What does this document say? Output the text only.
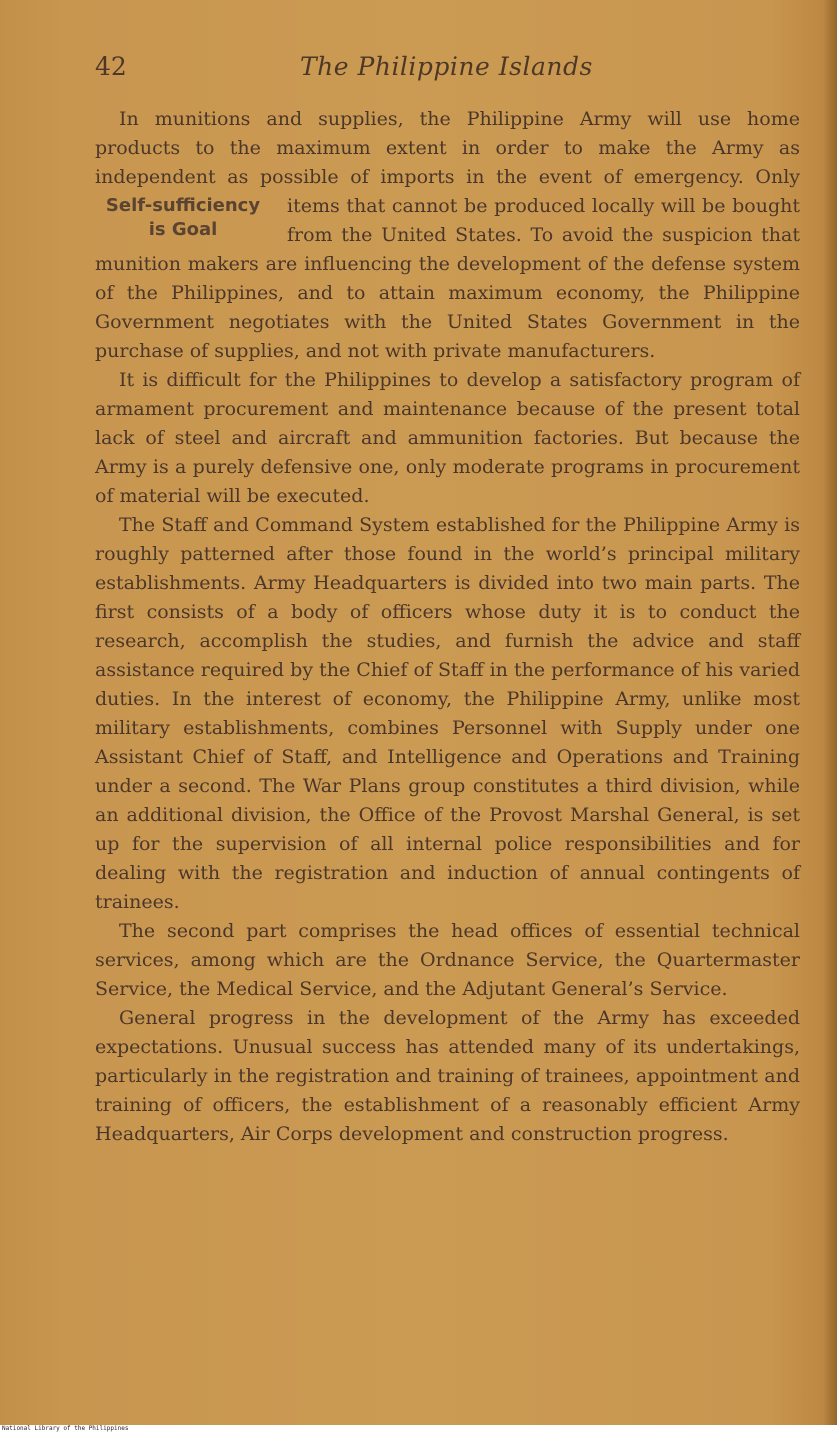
42	The Philippine Islands

In munitions and supplies, the Philippine Army will use home products to the maximum extent in order to make the Army as independent as possible of imports in the event of emergency.
Self-sufficiency
is Goal
Only items that cannot be produced locally will be bought from the United States. To avoid the suspicion that munition makers are influencing the development of the defense system of the Philippines, and to attain maximum economy, the Philippine Government negotiates with the United States Government in the purchase of supplies, and not with private manufacturers.

It is difficult for the Philippines to develop a satisfactory program of armament procurement and maintenance because of the present total lack of steel and aircraft and ammunition factories. But because the Army is a purely defensive one, only moderate programs in procurement of material will be executed.

The Staff and Command System established for the Philippine Army is roughly patterned after those found in the world’s principal military establishments. Army Headquarters is divided into two main parts. The first consists of a body of officers whose duty it is to conduct the research, accomplish the studies, and furnish the advice and staff assistance required by the Chief of Staff in the performance of his varied duties. In the interest of economy, the Philippine Army, unlike most military establishments, combines Personnel with Supply under one Assistant Chief of Staff, and Intelligence and Operations and Training under a second. The War Plans group constitutes a third division, while an additional division, the Office of the Provost Marshal General, is set up for the supervision of all internal police responsibilities and for dealing with the registration and induction of annual contingents of trainees.

The second part comprises the head offices of essential technical services, among which are the Ordnance Service, the Quartermaster Service, the Medical Service, and the Adjutant General’s Service.

General progress in the development of the Army has exceeded expectations. Unusual success has attended many of its undertakings, particularly in the registration and training of trainees, appointment and training of officers, the establishment of a reasonably efficient Army Headquarters, Air Corps development and construction progress.

National Library of the Philippines
